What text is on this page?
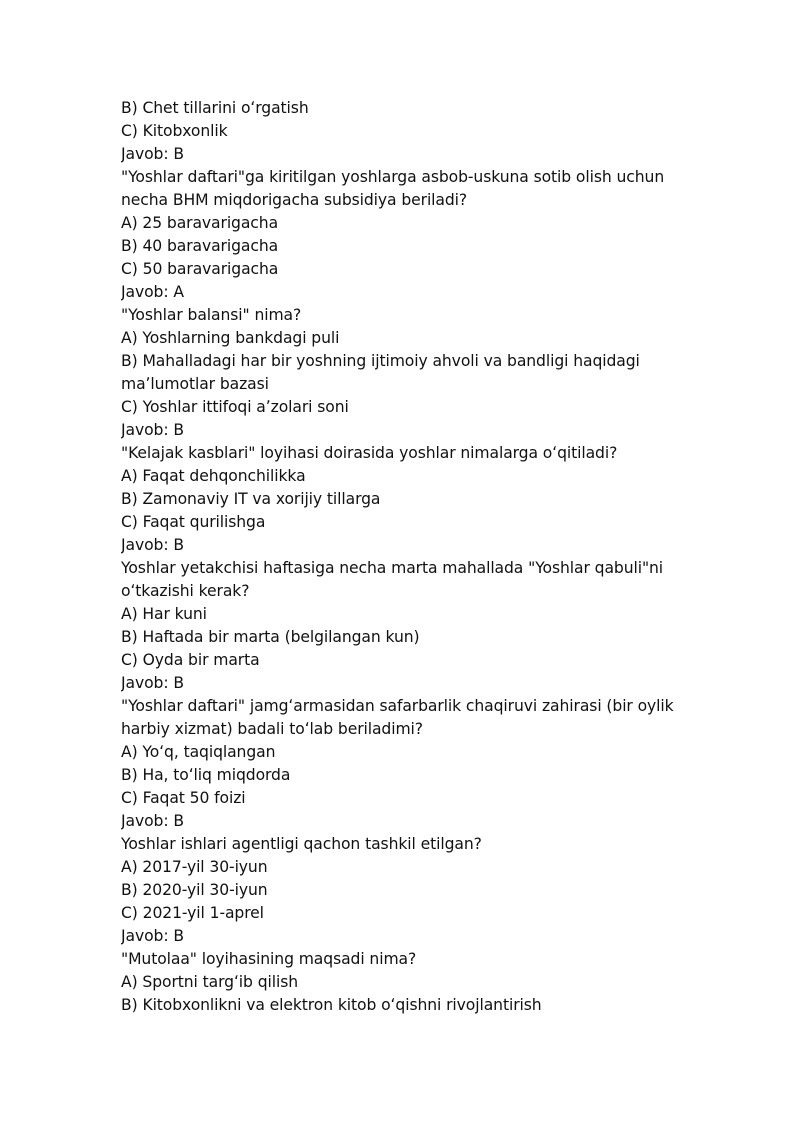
B) Chet tillarini oʻrgatish
C) Kitobxonlik
Javob: B
"Yoshlar daftari"ga kiritilgan yoshlarga asbob-uskuna sotib olish uchun
necha BHM miqdorigacha subsidiya beriladi?
A) 25 baravarigacha
B) 40 baravarigacha
C) 50 baravarigacha
Javob: A
"Yoshlar balansi" nima?
A) Yoshlarning bankdagi puli
B) Mahalladagi har bir yoshning ijtimoiy ahvoli va bandligi haqidagi
maʼlumotlar bazasi
C) Yoshlar ittifoqi aʼzolari soni
Javob: B
"Kelajak kasblari" loyihasi doirasida yoshlar nimalarga oʻqitiladi?
A) Faqat dehqonchilikka
B) Zamonaviy IT va xorijiy tillarga
C) Faqat qurilishga
Javob: B
Yoshlar yetakchisi haftasiga necha marta mahallada "Yoshlar qabuli"ni
oʻtkazishi kerak?
A) Har kuni
B) Haftada bir marta (belgilangan kun)
C) Oyda bir marta
Javob: B
"Yoshlar daftari" jamgʻarmasidan safarbarlik chaqiruvi zahirasi (bir oylik
harbiy xizmat) badali toʻlab beriladimi?
A) Yoʻq, taqiqlangan
B) Ha, toʻliq miqdorda
C) Faqat 50 foizi
Javob: B
Yoshlar ishlari agentligi qachon tashkil etilgan?
A) 2017-yil 30-iyun
B) 2020-yil 30-iyun
C) 2021-yil 1-aprel
Javob: B
"Mutolaa" loyihasining maqsadi nima?
A) Sportni targʻib qilish
B) Kitobxonlikni va elektron kitob oʻqishni rivojlantirish
